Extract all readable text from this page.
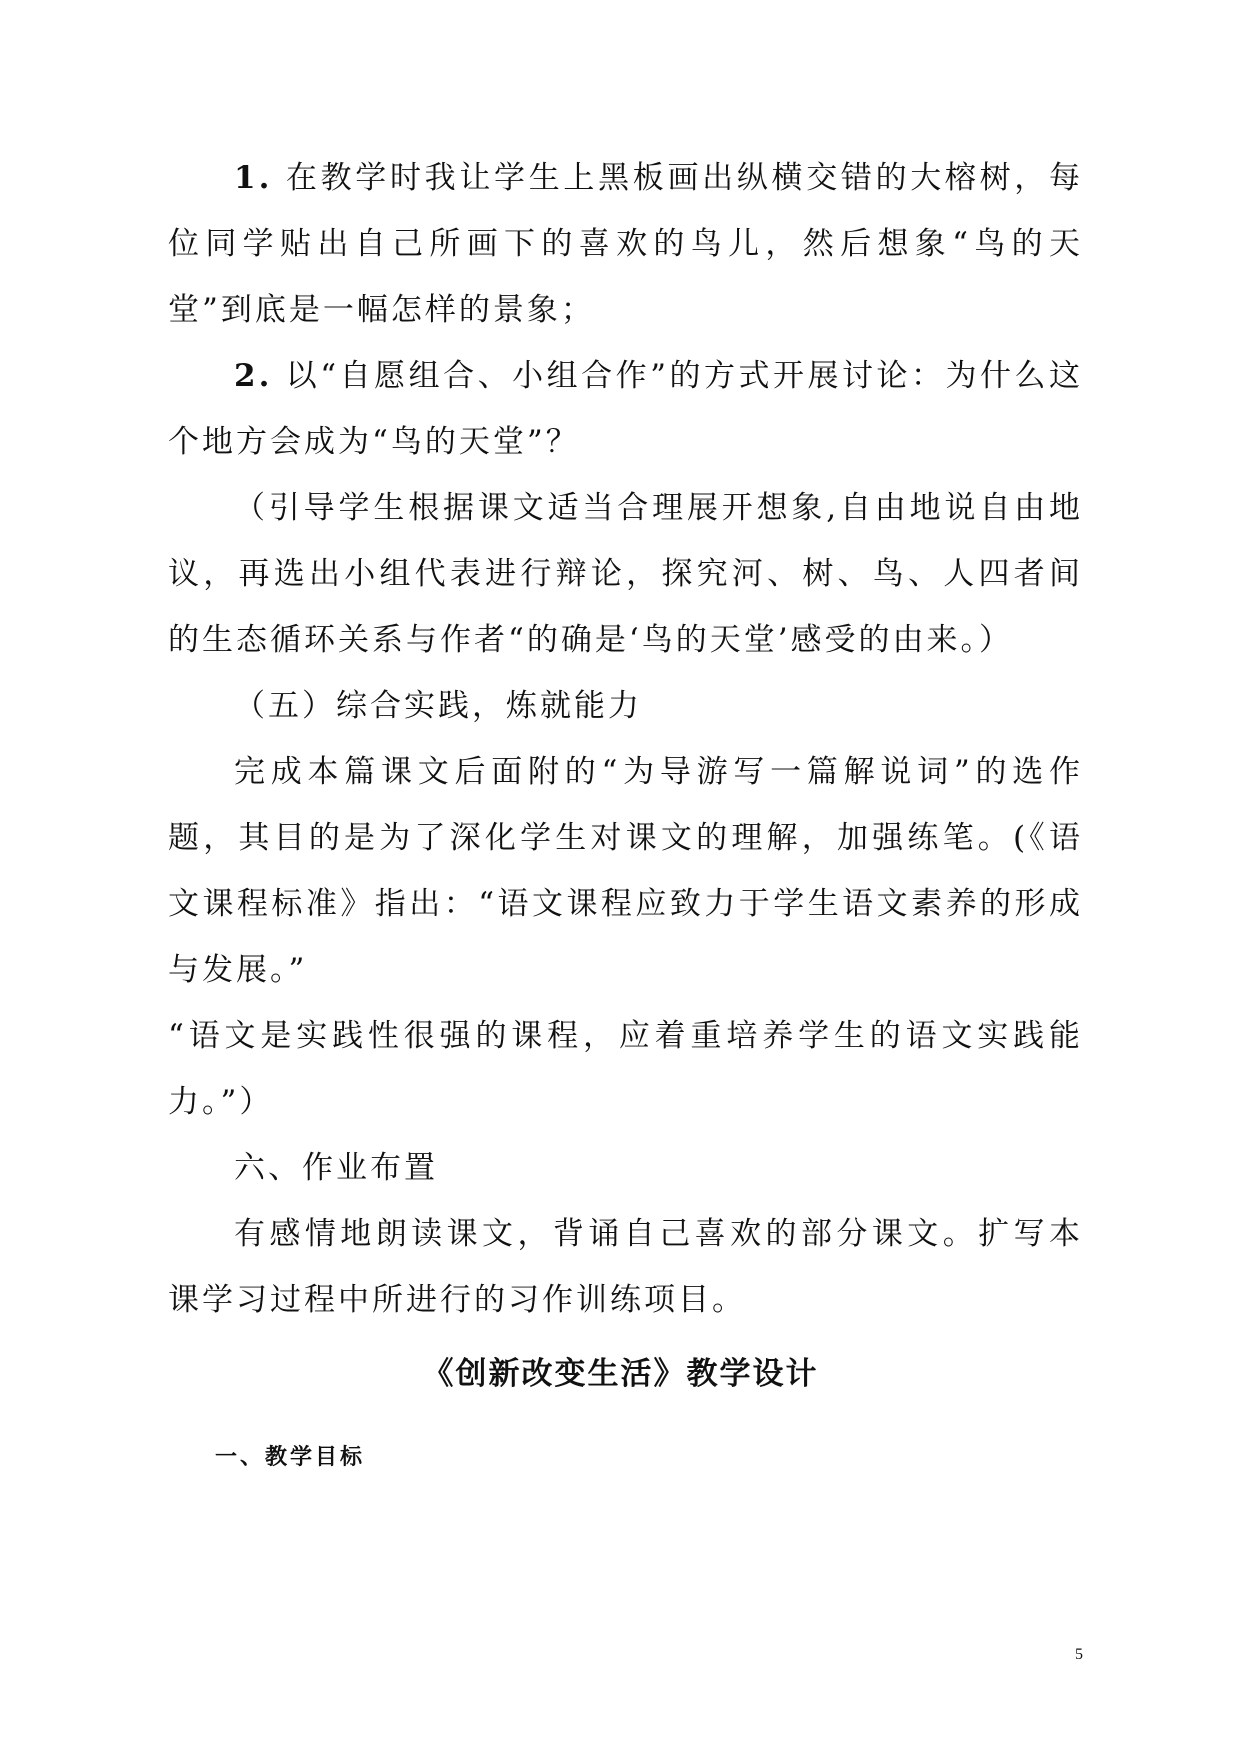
1. 在教学时我让学生上黑板画出纵横交错的大榕树，每位同学贴出自己所画下的喜欢的鸟儿，然后想象“鸟的天堂”到底是一幅怎样的景象；

2. 以“自愿组合、小组合作”的方式开展讨论：为什么这个地方会成为“鸟的天堂”？

（引导学生根据课文适当合理展开想象,自由地说自由地议，再选出小组代表进行辩论，探究河、树、鸟、人四者间的生态循环关系与作者“的确是‘鸟的天堂’感受的由来。）

（五）综合实践，炼就能力

完成本篇课文后面附的“为导游写一篇解说词”的选作题，其目的是为了深化学生对课文的理解，加强练笔。(《语文课程标准》指出：“语文课程应致力于学生语文素养的形成与发展。”

“语文是实践性很强的课程，应着重培养学生的语文实践能力。”）

六、作业布置

有感情地朗读课文，背诵自己喜欢的部分课文。扩写本课学习过程中所进行的习作训练项目。

《创新改变生活》教学设计

一、教学目标

5
